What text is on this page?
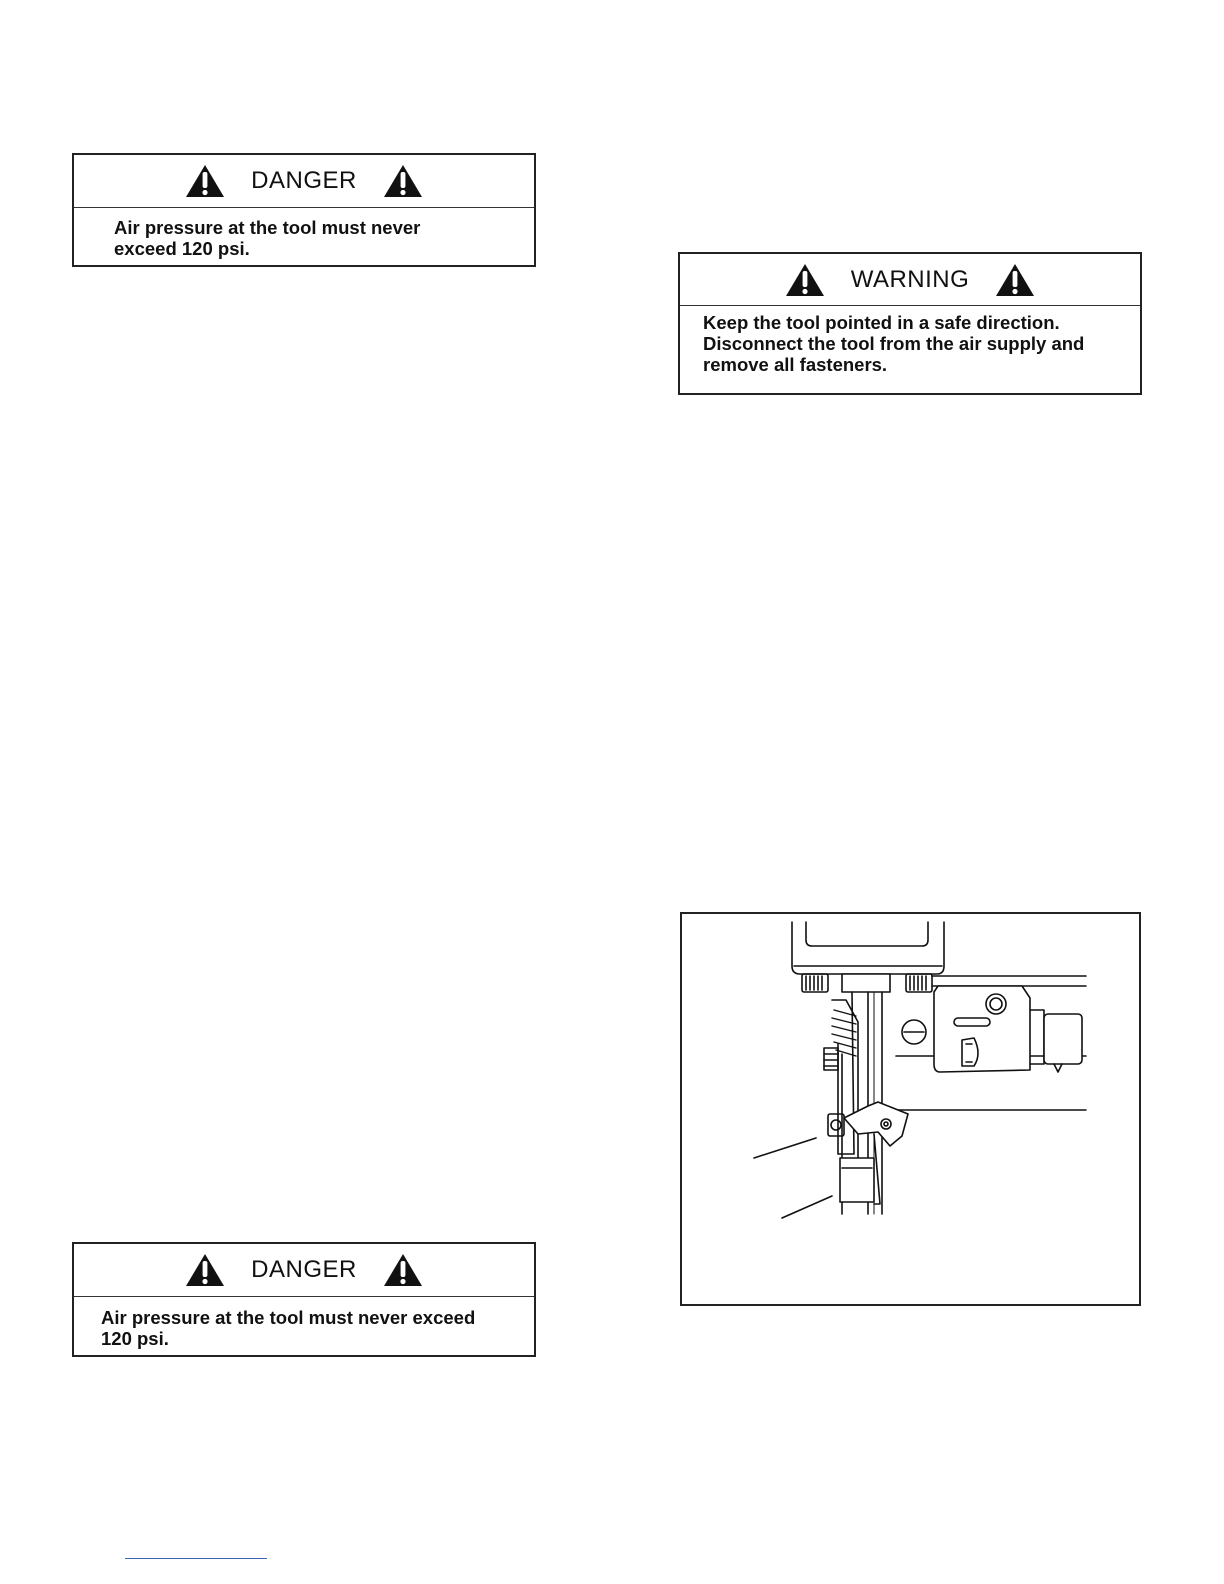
DANGER
Air pressure at the tool must never
exceed 120 psi.
WARNING
Keep the tool pointed in a safe direction.
Disconnect the tool from the air supply and
remove all fasteners.
DANGER
Air pressure at the tool must never exceed
120 psi.
